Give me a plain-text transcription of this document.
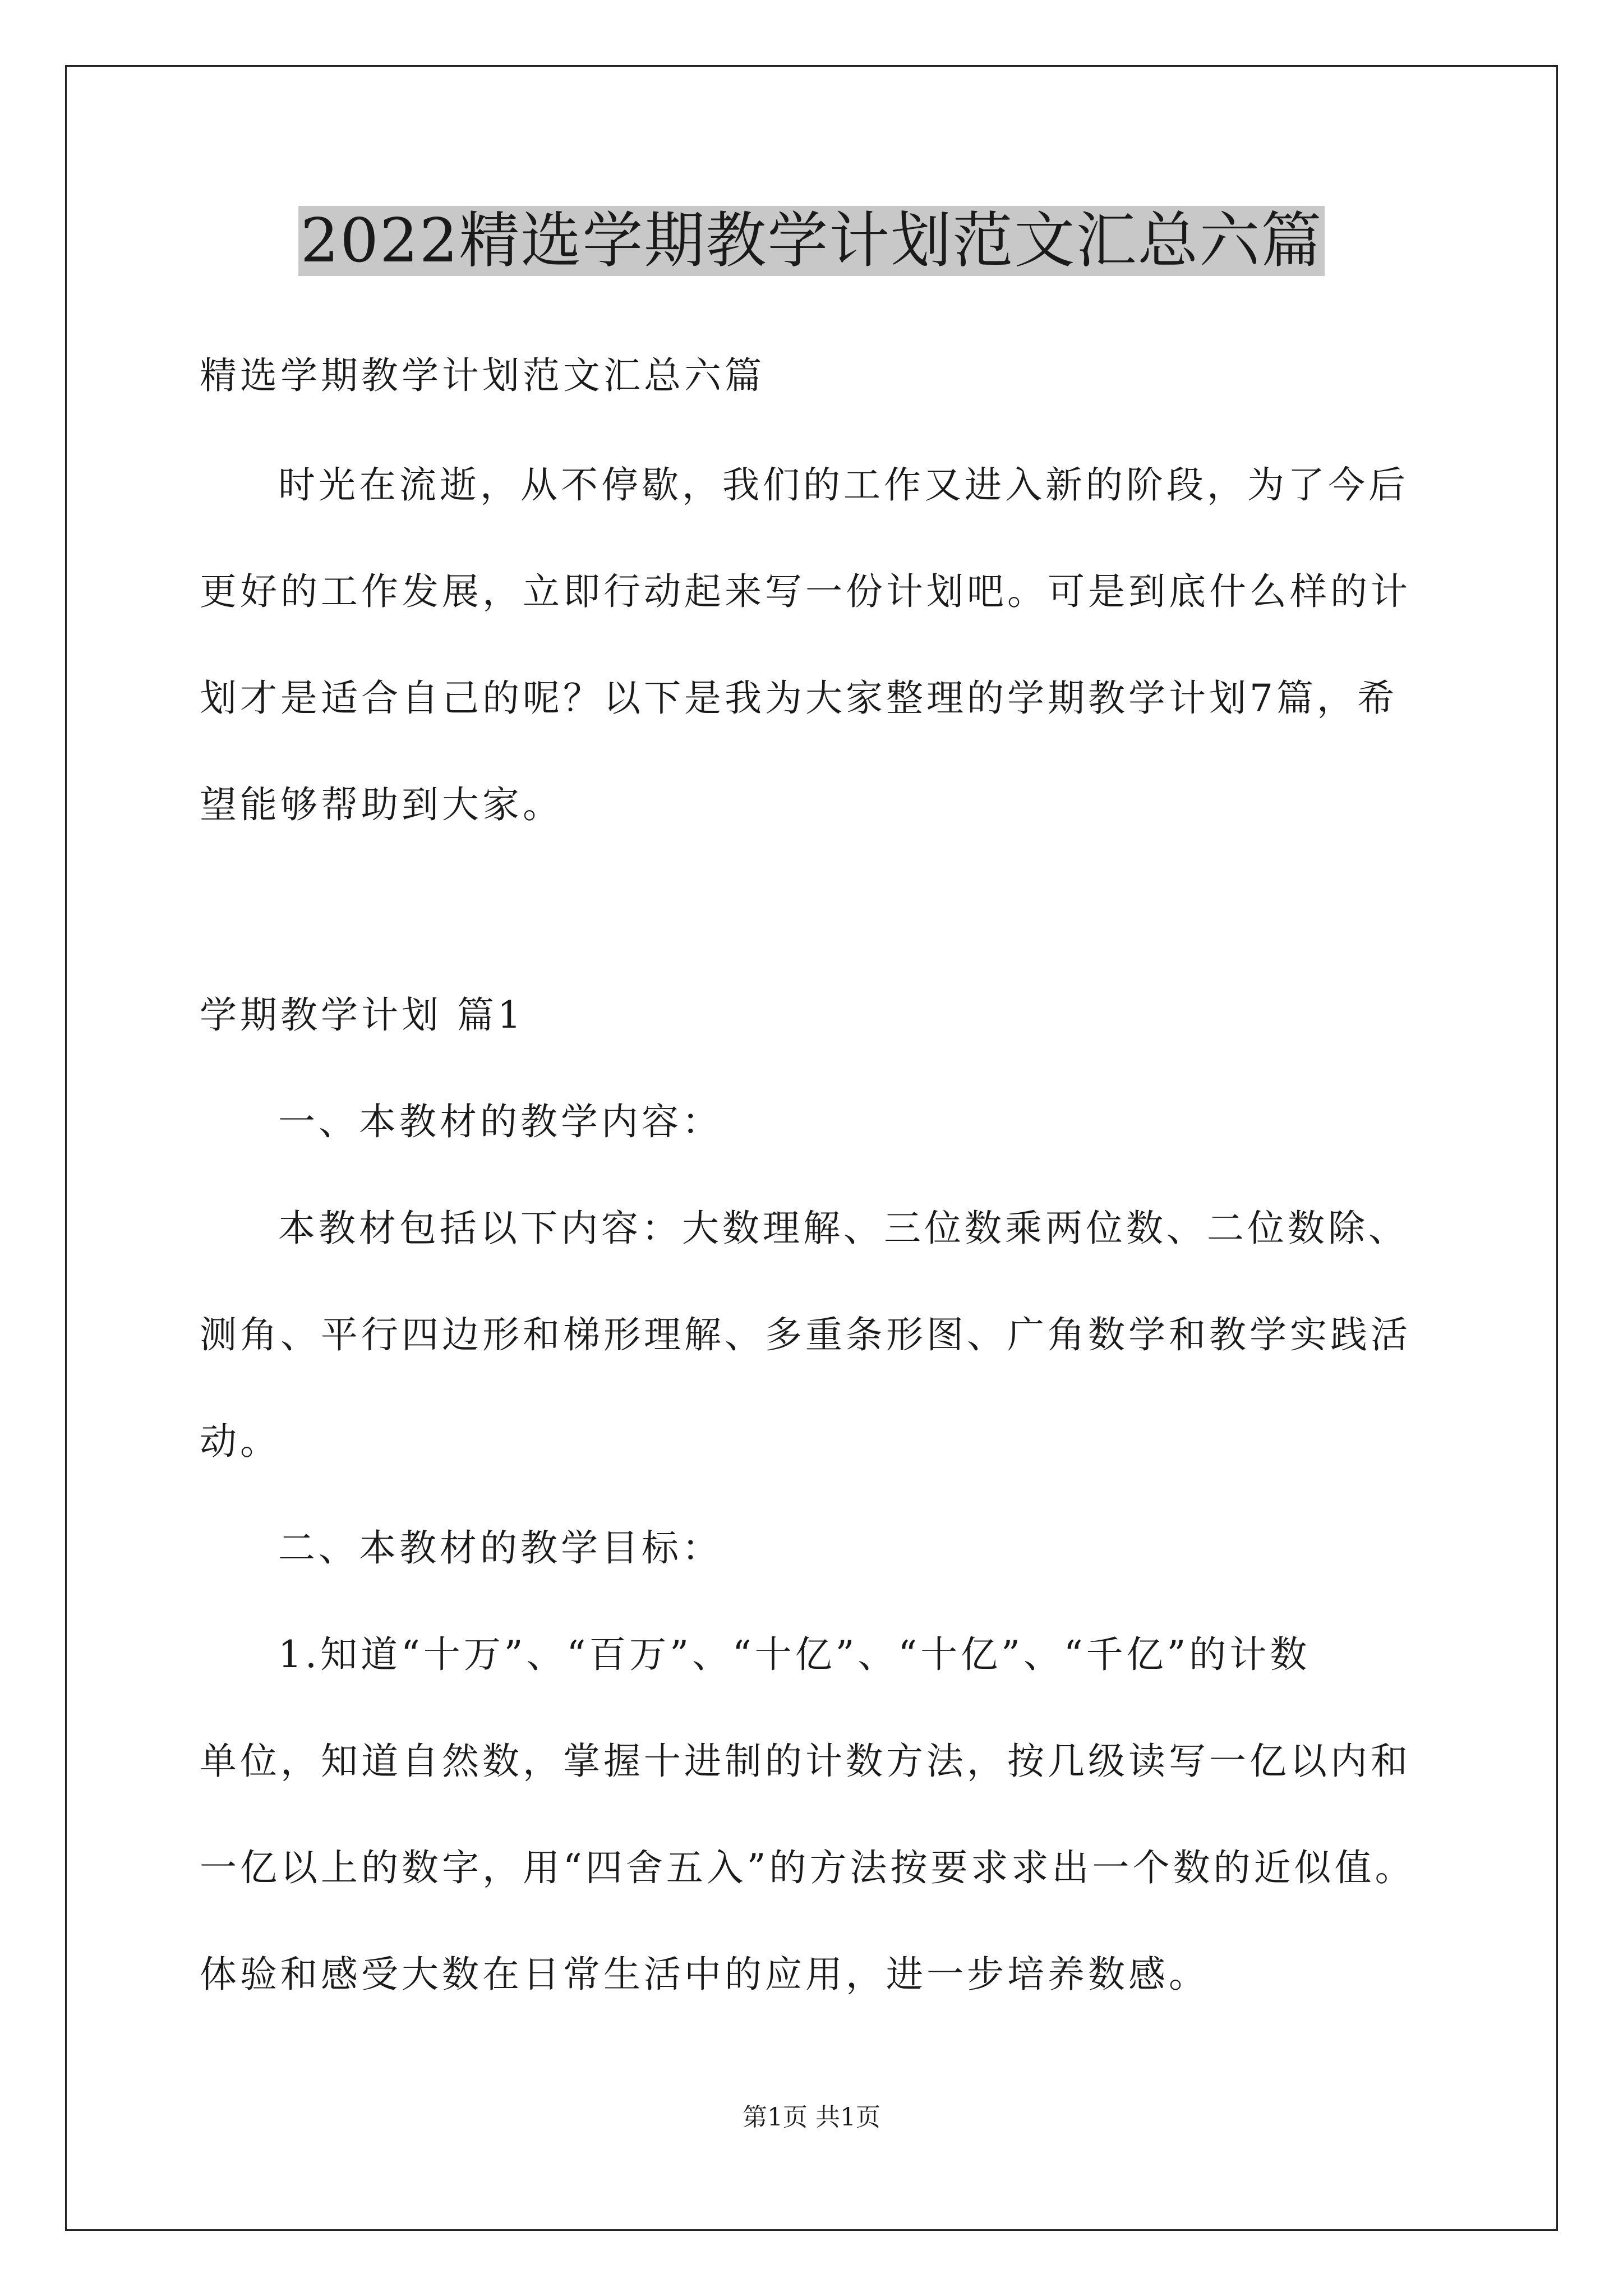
2022精选学期教学计划范文汇总六篇
精选学期教学计划范文汇总六篇
时光在流逝，从不停歇，我们的工作又进入新的阶段，为了今后
更好的工作发展，立即行动起来写一份计划吧。可是到底什么样的计
划才是适合自己的呢？以下是我为大家整理的学期教学计划7篇，希
望能够帮助到大家。
学期教学计划 篇1
一、本教材的教学内容：
本教材包括以下内容：大数理解、三位数乘两位数、二位数除、
测角、平行四边形和梯形理解、多重条形图、广角数学和教学实践活
动。
二、本教材的教学目标：
1.知道“十万”、“百万”、“十亿”、“十亿”、“千亿”的计数
单位，知道自然数，掌握十进制的计数方法，按几级读写一亿以内和
一亿以上的数字，用“四舍五入”的方法按要求求出一个数的近似值。
体验和感受大数在日常生活中的应用，进一步培养数感。
第1页 共1页
